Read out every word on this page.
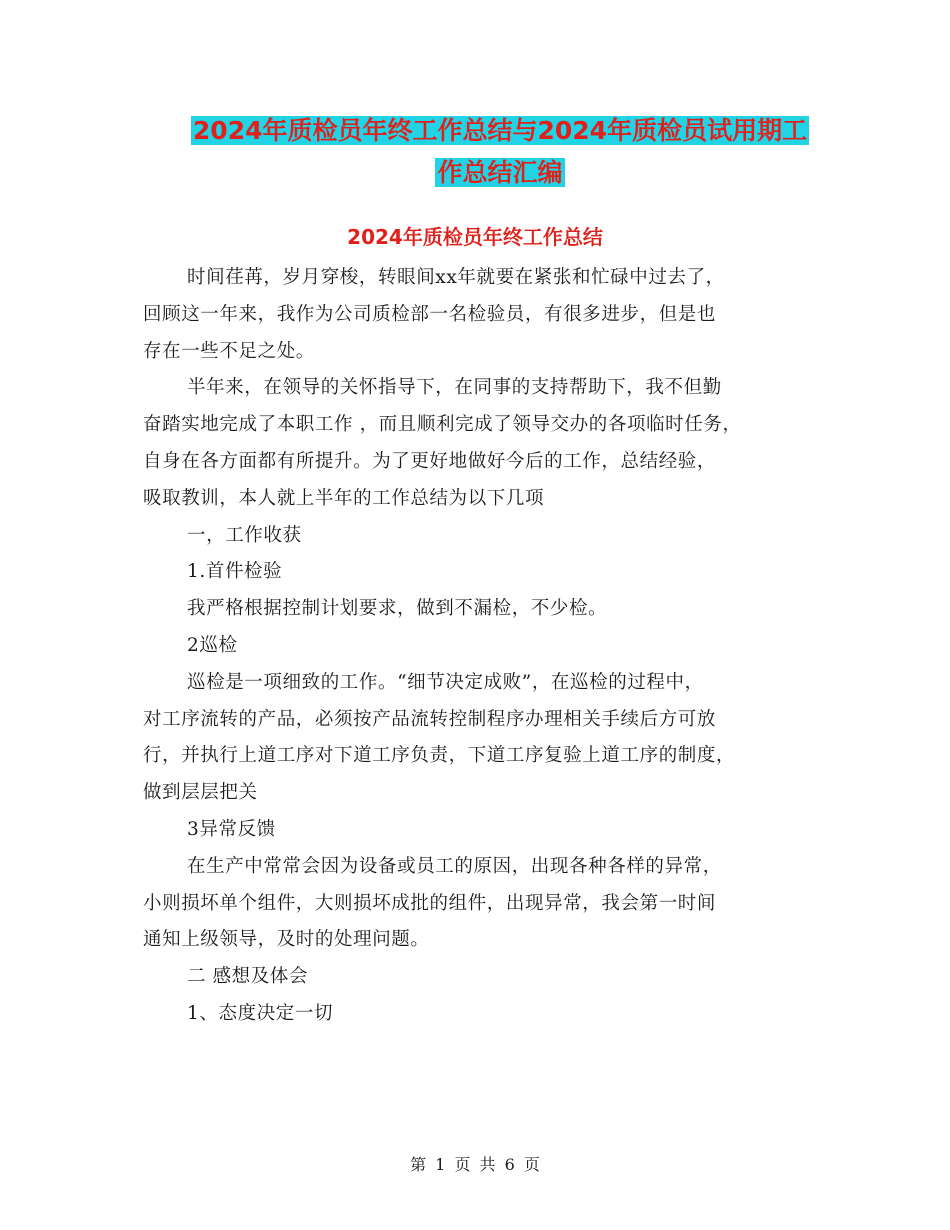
2024年质检员年终工作总结与2024年质检员试用期工
作总结汇编
2024年质检员年终工作总结
时间荏苒，岁月穿梭，转眼间xx年就要在紧张和忙碌中过去了，
回顾这一年来，我作为公司质检部一名检验员，有很多进步，但是也
存在一些不足之处。
半年来，在领导的关怀指导下，在同事的支持帮助下，我不但勤
奋踏实地完成了本职工作 ，而且顺利完成了领导交办的各项临时任务，
自身在各方面都有所提升。为了更好地做好今后的工作，总结经验，
吸取教训，本人就上半年的工作总结为以下几项
一，工作收获
1.首件检验
我严格根据控制计划要求，做到不漏检，不少检。
2巡检
巡检是一项细致的工作。“细节决定成败”，在巡检的过程中，
对工序流转的产品，必须按产品流转控制程序办理相关手续后方可放
行，并执行上道工序对下道工序负责，下道工序复验上道工序的制度，
做到层层把关
3异常反馈
在生产中常常会因为设备或员工的原因，出现各种各样的异常，
小则损坏单个组件，大则损坏成批的组件，出现异常，我会第一时间
通知上级领导，及时的处理问题。
二 感想及体会
1、态度决定一切
第 1 页 共 6 页
